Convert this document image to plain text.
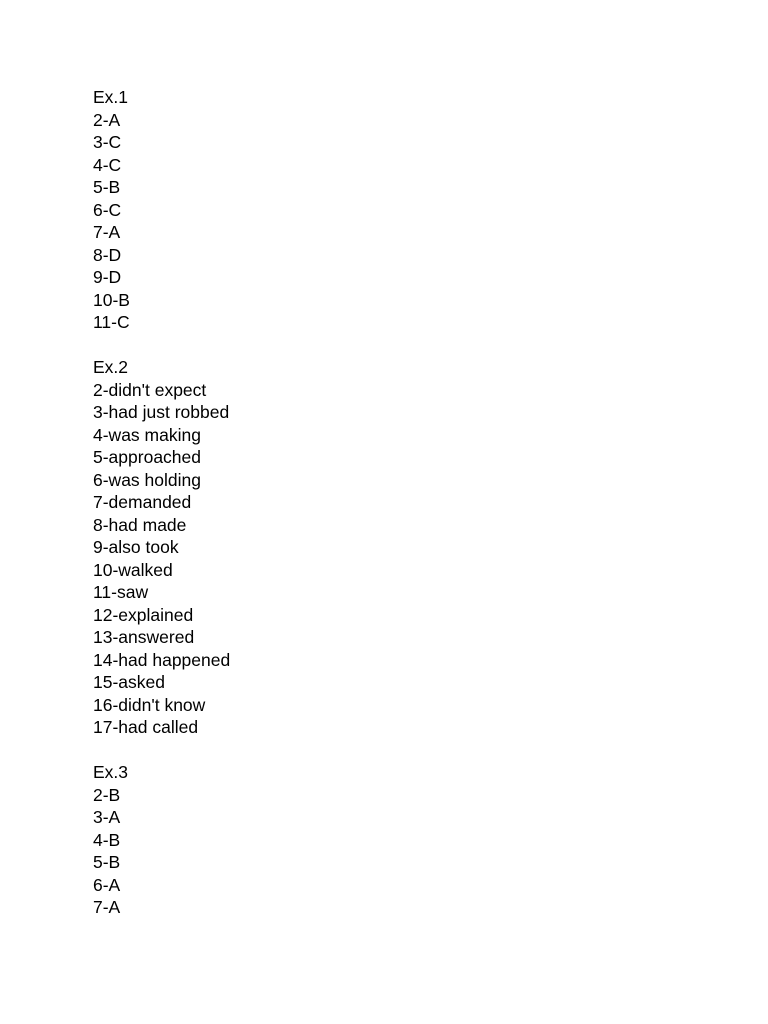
Ex.1
2-A
3-C
4-C
5-B
6-C
7-A
8-D
9-D
10-B
11-C
Ex.2
2-didn't expect
3-had just robbed
4-was making
5-approached
6-was holding
7-demanded
8-had made
9-also took
10-walked
11-saw
12-explained
13-answered
14-had happened
15-asked
16-didn't know
17-had called
Ex.3
2-B
3-A
4-B
5-B
6-A
7-A
